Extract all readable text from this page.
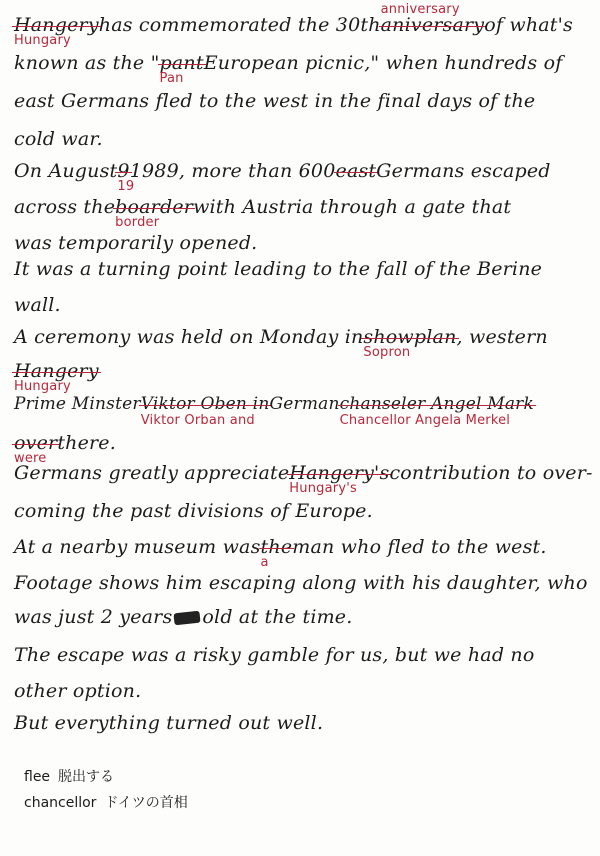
Hangery
Hungary
has commemorated the 30thaniversary
anniversary
of what's
known as the "pant
Pan
European picnic," when hundreds of
east Germans fled to the west in the final days of the
cold war.
On August9
19
1989, more than 600eastGermans escaped
across theboarder
border
with Austria through a gate that
was temporarily opened.
It was a turning point leading to the fall of the Berine
wall.
A ceremony was held on Monday inshowplan
Sopron
, western
Hangery
Hungary
Prime MinsterViktor Oben in
Viktor Orban and
Germanchanseler Angel Mark
Chancellor Angela Merkel
over
were
there.
Germans greatly appreciateHangery's
Hungary's
contribution to over-
coming the past divisions of Europe.
At a nearby museum wasthe
a
man who fled to the west.
Footage shows him escaping along with his daughter, who
was just 2 yearsold at the time.
The escape was a risky gamble for us, but we had no
other option.
But everything turned out well.
flee 脱出する
chancellor ドイツの首相
